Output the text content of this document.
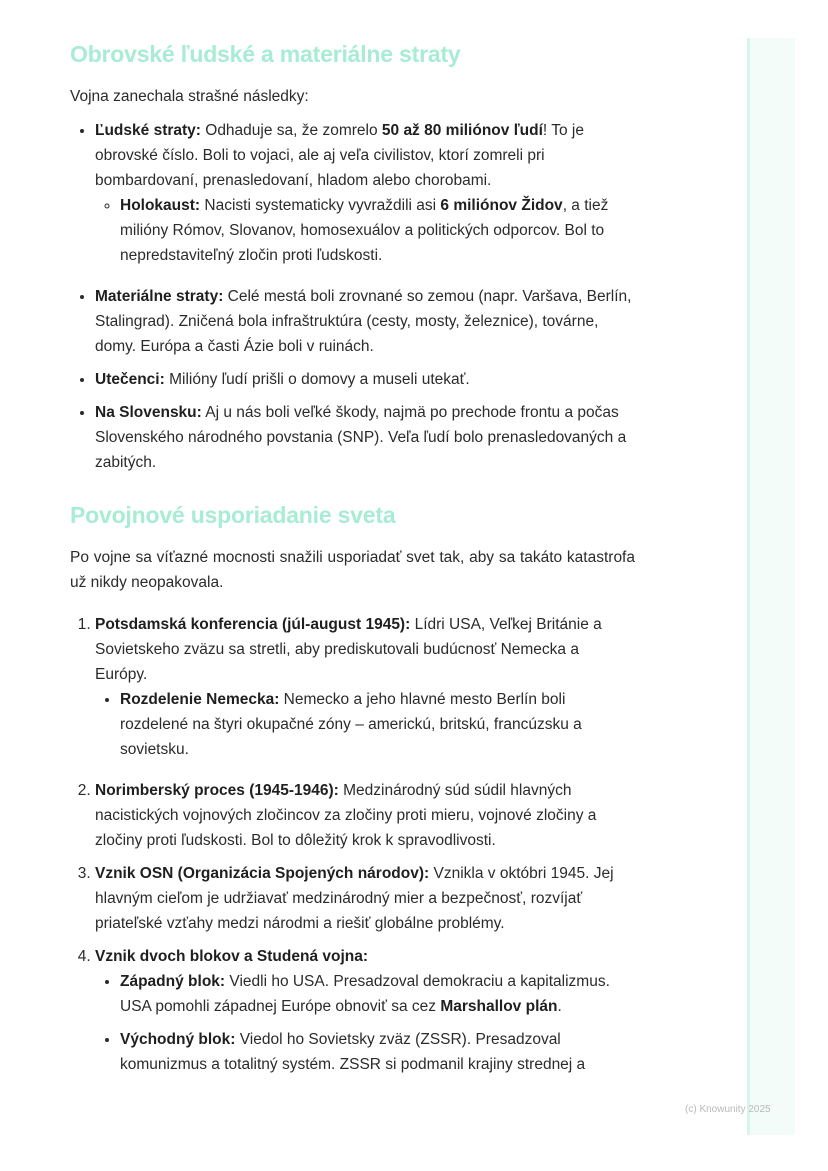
Obrovské ľudské a materiálne straty

Vojna zanechala strašné následky:

• Ľudské straty: Odhaduje sa, že zomrelo 50 až 80 miliónov ľudí! To je obrovské číslo. Boli to vojaci, ale aj veľa civilistov, ktorí zomreli pri bombardovaní, prenasledovaní, hladom alebo chorobami.
◦ Holokaust: Nacisti systematicky vyvraždili asi 6 miliónov Židov, a tiež milióny Rómov, Slovanov, homosexuálov a politických odporcov. Bol to nepredstaviteľný zločin proti ľudskosti.
• Materiálne straty: Celé mestá boli zrovnané so zemou (napr. Varšava, Berlín, Stalingrad). Zničená bola infraštruktúra (cesty, mosty, železnice), továrne, domy. Európa a časti Ázie boli v ruinách.
• Utečenci: Milióny ľudí prišli o domovy a museli utekať.
• Na Slovensku: Aj u nás boli veľké škody, najmä po prechode frontu a počas Slovenského národného povstania (SNP). Veľa ľudí bolo prenasledovaných a zabitých.
Povojnové usporiadanie sveta

Po vojne sa víťazné mocnosti snažili usporiadať svet tak, aby sa takáto katastrofa už nikdy neopakovala.

1. Potsdamská konferencia (júl-august 1945): Lídri USA, Veľkej Británie a Sovietskeho zväzu sa stretli, aby prediskutovali budúcnosť Nemecka a Európy.
• Rozdelenie Nemecka: Nemecko a jeho hlavné mesto Berlín boli rozdelené na štyri okupačné zóny – americkú, britskú, francúzsku a sovietsku.
2. Norimberský proces (1945-1946): Medzinárodný súd súdil hlavných nacistických vojnových zločincov za zločiny proti mieru, vojnové zločiny a zločiny proti ľudskosti. Bol to dôležitý krok k spravodlivosti.
3. Vznik OSN (Organizácia Spojených národov): Vznikla v októbri 1945. Jej hlavným cieľom je udržiavať medzinárodný mier a bezpečnosť, rozvíjať priateľské vzťahy medzi národmi a riešiť globálne problémy.
4. Vznik dvoch blokov a Studená vojna:
• Západný blok: Viedli ho USA. Presadzoval demokraciu a kapitalizmus. USA pomohli západnej Európe obnoviť sa cez Marshallov plán.
• Východný blok: Viedol ho Sovietsky zväz (ZSSR). Presadzoval komunizmus a totalitný systém. ZSSR si podmanil krajiny strednej a
(c) Knowunity 2025
